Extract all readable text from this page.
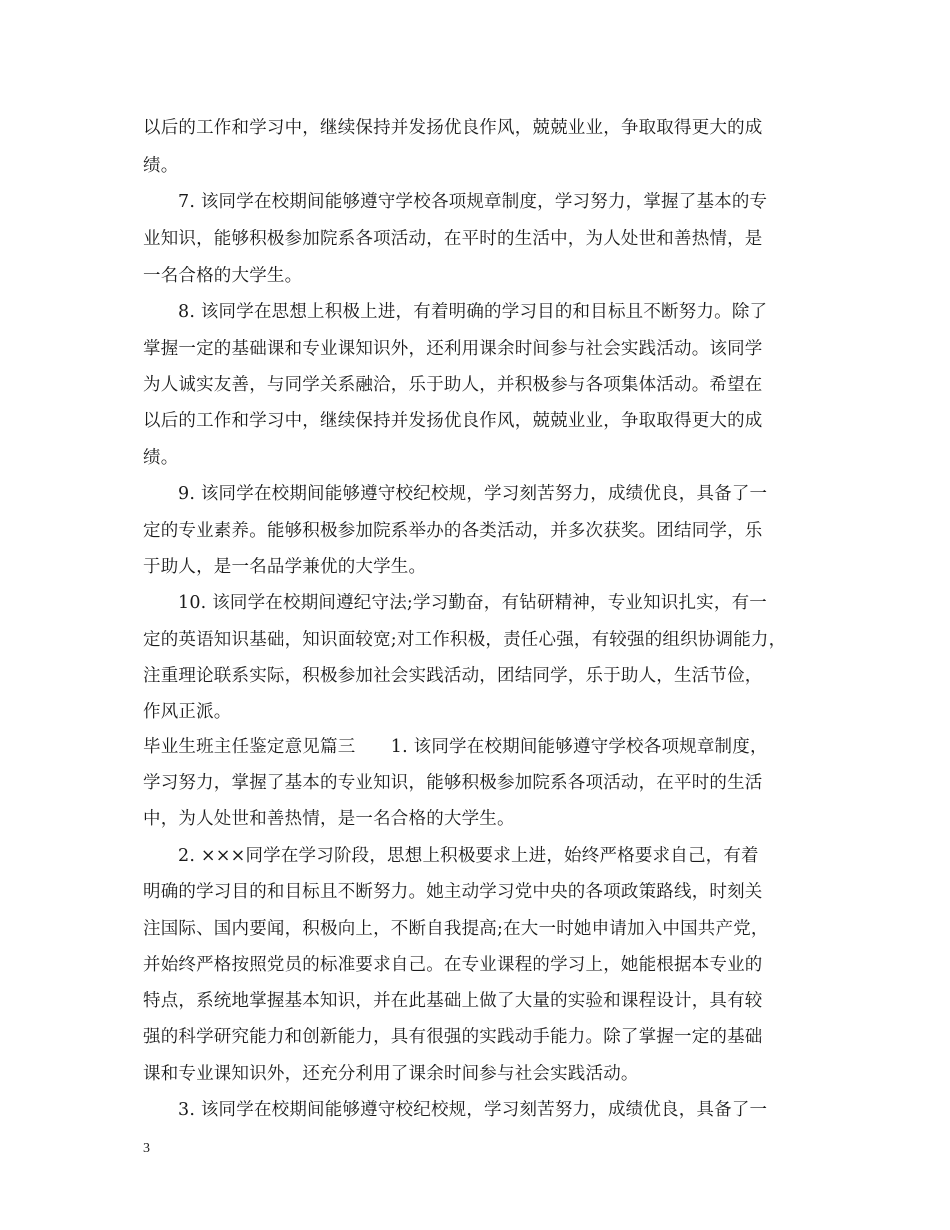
以后的工作和学习中，继续保持并发扬优良作风，兢兢业业，争取取得更大的成
绩。
7. 该同学在校期间能够遵守学校各项规章制度，学习努力，掌握了基本的专
业知识，能够积极参加院系各项活动，在平时的生活中，为人处世和善热情，是
一名合格的大学生。
8. 该同学在思想上积极上进，有着明确的学习目的和目标且不断努力。除了
掌握一定的基础课和专业课知识外，还利用课余时间参与社会实践活动。该同学
为人诚实友善，与同学关系融洽，乐于助人，并积极参与各项集体活动。希望在
以后的工作和学习中，继续保持并发扬优良作风，兢兢业业，争取取得更大的成
绩。
9. 该同学在校期间能够遵守校纪校规，学习刻苦努力，成绩优良，具备了一
定的专业素养。能够积极参加院系举办的各类活动，并多次获奖。团结同学，乐
于助人，是一名品学兼优的大学生。
10. 该同学在校期间遵纪守法;学习勤奋，有钻研精神，专业知识扎实，有一
定的英语知识基础，知识面较宽;对工作积极，责任心强，有较强的组织协调能力，
注重理论联系实际，积极参加社会实践活动，团结同学，乐于助人，生活节俭，
作风正派。
毕业生班主任鉴定意见篇三　　1. 该同学在校期间能够遵守学校各项规章制度，
学习努力，掌握了基本的专业知识，能够积极参加院系各项活动，在平时的生活
中，为人处世和善热情，是一名合格的大学生。
2. ×××同学在学习阶段，思想上积极要求上进，始终严格要求自己，有着
明确的学习目的和目标且不断努力。她主动学习党中央的各项政策路线，时刻关
注国际、国内要闻，积极向上，不断自我提高;在大一时她申请加入中国共产党，
并始终严格按照党员的标准要求自己。在专业课程的学习上，她能根据本专业的
特点，系统地掌握基本知识，并在此基础上做了大量的实验和课程设计，具有较
强的科学研究能力和创新能力，具有很强的实践动手能力。除了掌握一定的基础
课和专业课知识外，还充分利用了课余时间参与社会实践活动。
3. 该同学在校期间能够遵守校纪校规，学习刻苦努力，成绩优良，具备了一
3
